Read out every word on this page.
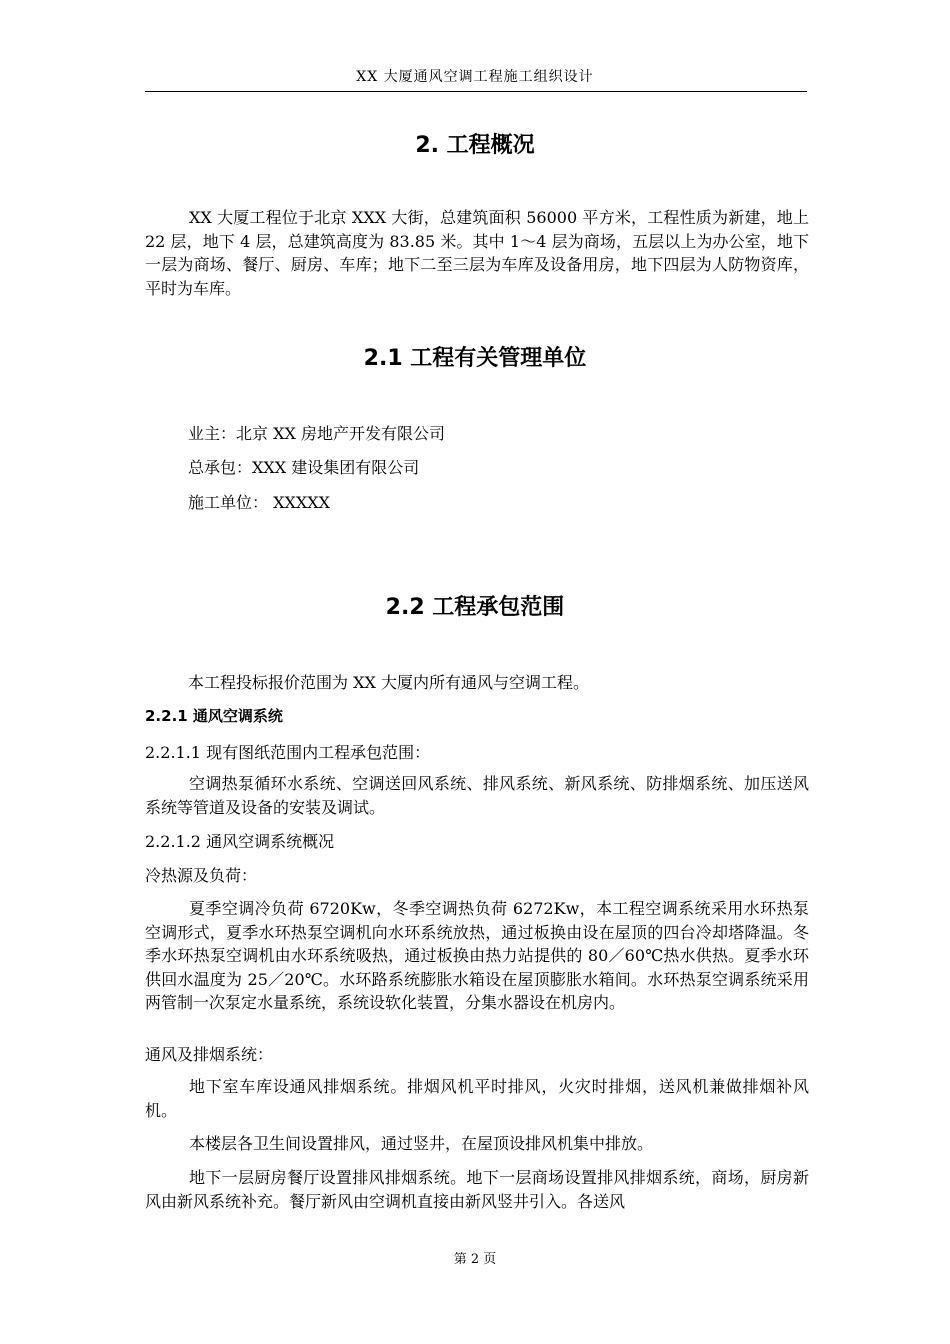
XX 大厦通风空调工程施工组织设计
2. 工程概况
XX 大厦工程位于北京 XXX 大街，总建筑面积 56000 平方米，工程性质为新建，地上 22 层，地下 4 层，总建筑高度为 83.85 米。其中 1～4 层为商场，五层以上为办公室，地下一层为商场、餐厅、厨房、车库；地下二至三层为车库及设备用房，地下四层为人防物资库，平时为车库。
2.1 工程有关管理单位
业主：北京 XX 房地产开发有限公司
总承包：XXX 建设集团有限公司
施工单位： XXXXX
2.2 工程承包范围
本工程投标报价范围为 XX 大厦内所有通风与空调工程。
2.2.1 通风空调系统
2.2.1.1 现有图纸范围内工程承包范围：
空调热泵循环水系统、空调送回风系统、排风系统、新风系统、防排烟系统、加压送风系统等管道及设备的安装及调试。
2.2.1.2 通风空调系统概况
冷热源及负荷：
夏季空调冷负荷 6720Kw，冬季空调热负荷 6272Kw，本工程空调系统采用水环热泵空调形式，夏季水环热泵空调机向水环系统放热，通过板换由设在屋顶的四台冷却塔降温。冬季水环热泵空调机由水环系统吸热，通过板换由热力站提供的 80／60℃热水供热。夏季水环供回水温度为 25／20℃。水环路系统膨胀水箱设在屋顶膨胀水箱间。水环热泵空调系统采用两管制一次泵定水量系统，系统设软化装置，分集水器设在机房内。
通风及排烟系统：
地下室车库设通风排烟系统。排烟风机平时排风，火灾时排烟，送风机兼做排烟补风机。
本楼层各卫生间设置排风，通过竖井，在屋顶设排风机集中排放。
地下一层厨房餐厅设置排风排烟系统。地下一层商场设置排风排烟系统，商场，厨房新风由新风系统补充。餐厅新风由空调机直接由新风竖井引入。各送风
第 2 页
